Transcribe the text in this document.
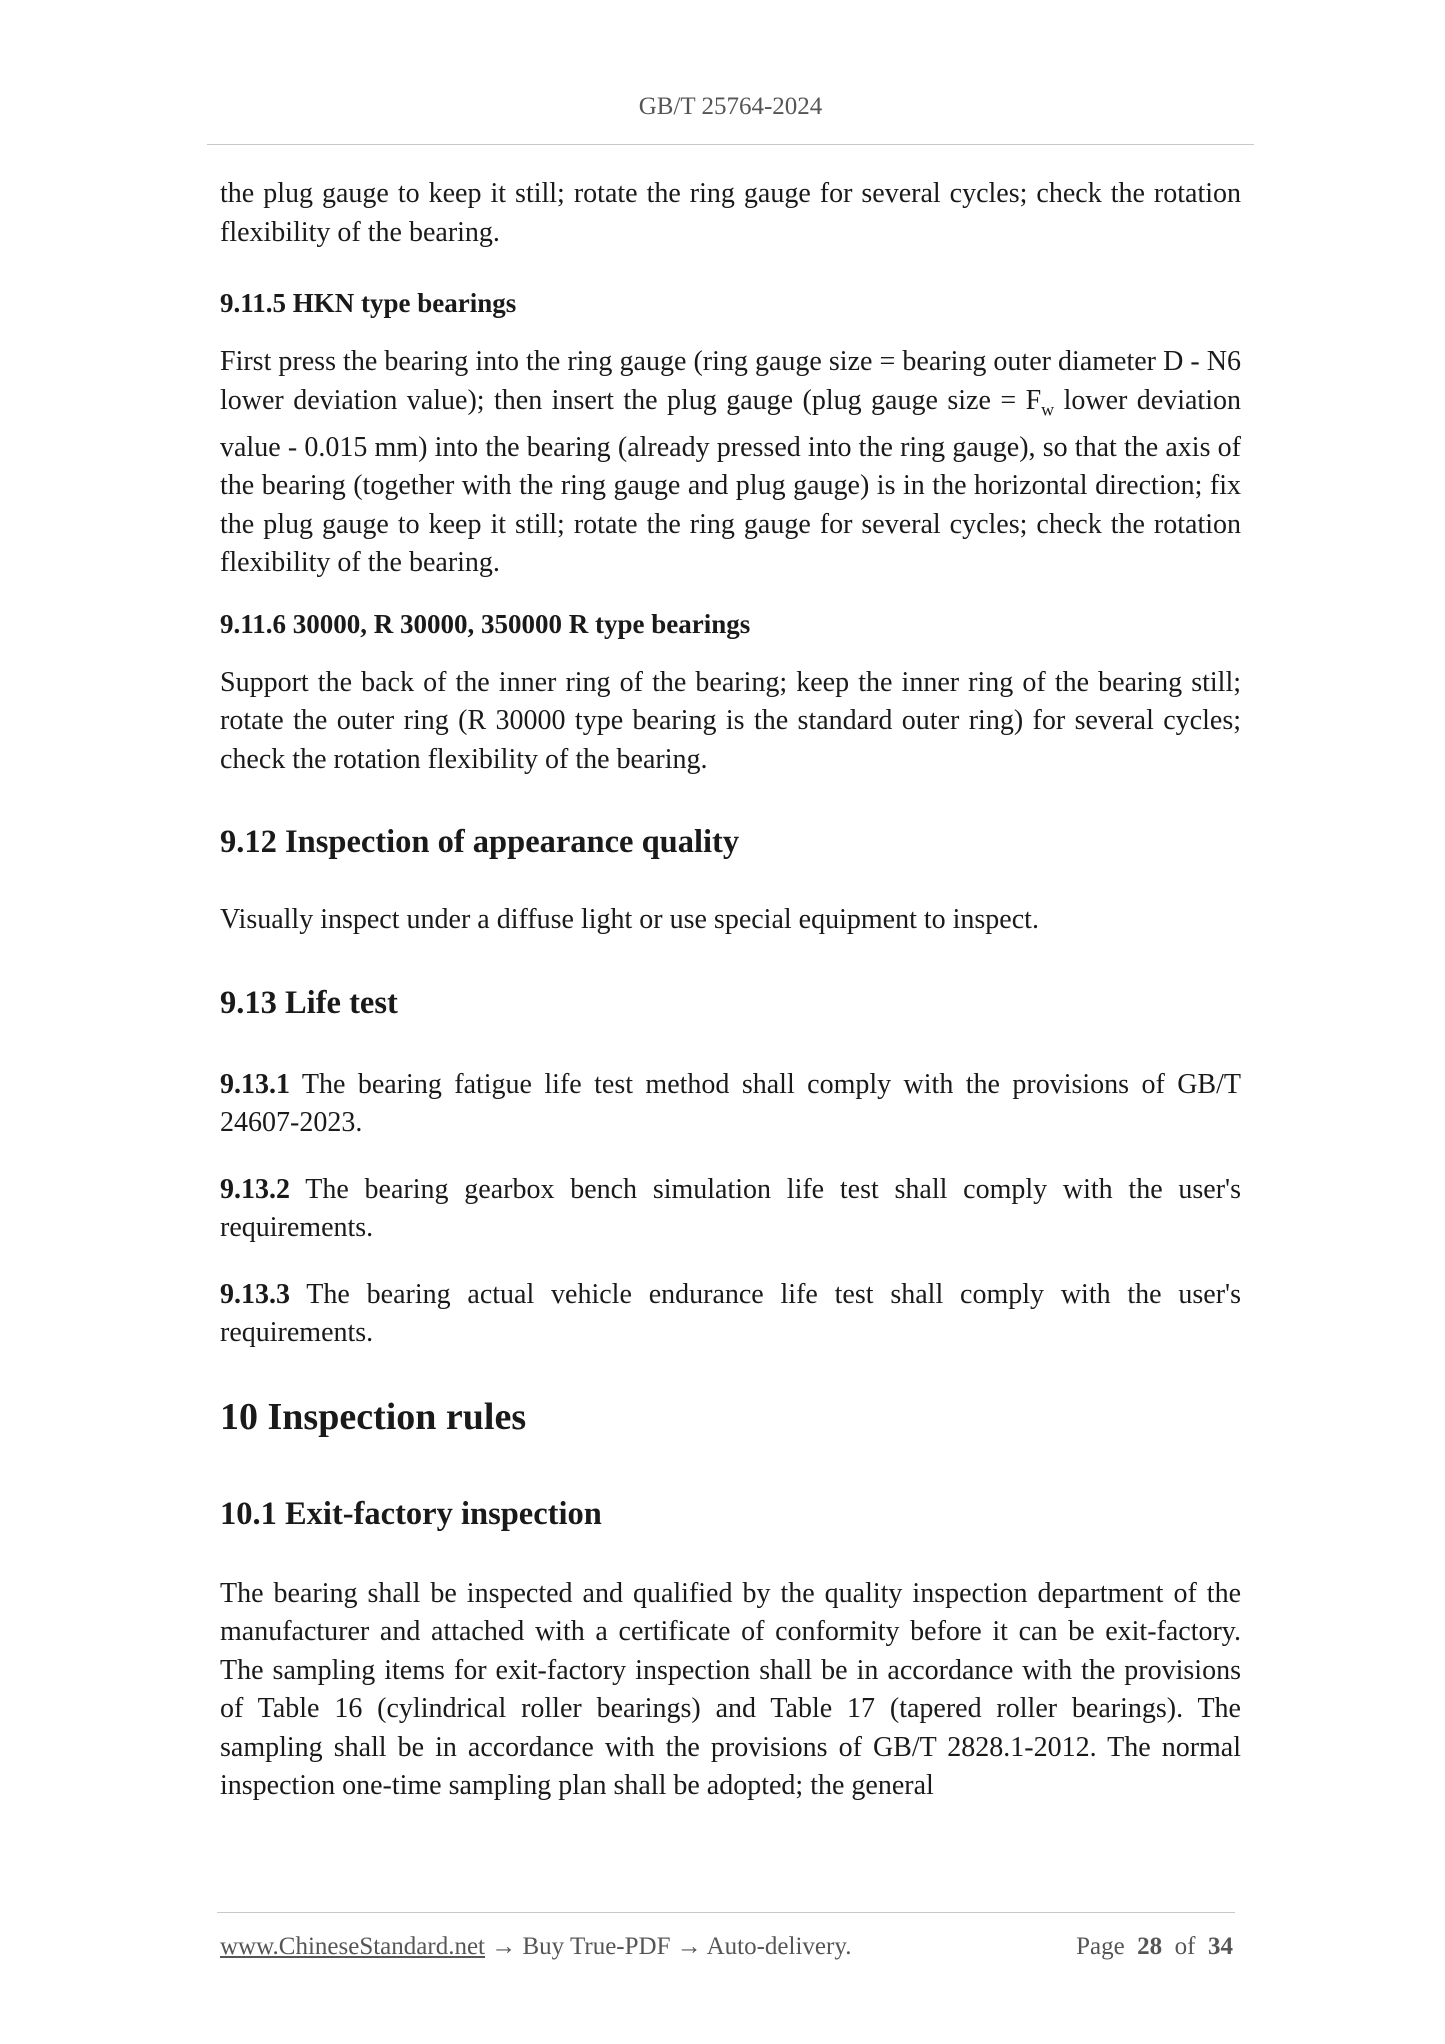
GB/T 25764-2024

the plug gauge to keep it still; rotate the ring gauge for several cycles; check the rotation flexibility of the bearing.

9.11.5 HKN type bearings

First press the bearing into the ring gauge (ring gauge size = bearing outer diameter D - N6 lower deviation value); then insert the plug gauge (plug gauge size = $F_w$ lower deviation value - 0.015 mm) into the bearing (already pressed into the ring gauge), so that the axis of the bearing (together with the ring gauge and plug gauge) is in the horizontal direction; fix the plug gauge to keep it still; rotate the ring gauge for several cycles; check the rotation flexibility of the bearing.

9.11.6 30000, R 30000, 350000 R type bearings

Support the back of the inner ring of the bearing; keep the inner ring of the bearing still; rotate the outer ring (R 30000 type bearing is the standard outer ring) for several cycles; check the rotation flexibility of the bearing.

9.12 Inspection of appearance quality

Visually inspect under a diffuse light or use special equipment to inspect.

9.13 Life test

9.13.1 The bearing fatigue life test method shall comply with the provisions of GB/T 24607-2023.

9.13.2 The bearing gearbox bench simulation life test shall comply with the user's requirements.

9.13.3 The bearing actual vehicle endurance life test shall comply with the user's requirements.

10 Inspection rules
10.1 Exit-factory inspection

The bearing shall be inspected and qualified by the quality inspection department of the manufacturer and attached with a certificate of conformity before it can be exit-factory. The sampling items for exit-factory inspection shall be in accordance with the provisions of Table 16 (cylindrical roller bearings) and Table 17 (tapered roller bearings). The sampling shall be in accordance with the provisions of GB/T 2828.1-2012. The normal inspection one-time sampling plan shall be adopted; the general

www.ChineseStandard.net → Buy True-PDF → Auto-delivery.	Page 28 of 34
